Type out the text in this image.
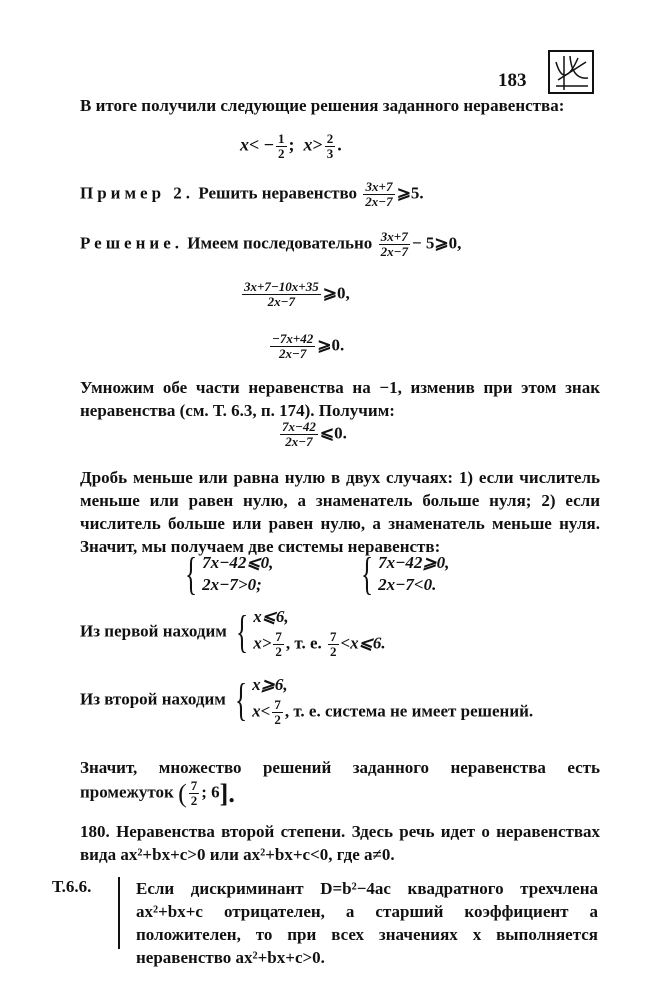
183
В итоге получили следующие решения заданного неравенства:
$x< - \frac{1}{2}$ ; $x> \frac{2}{3}$ .
Пример 2. Решить неравенство $\frac{3x+7}{2x-7}$ ⩾5.
Решение. Имеем последовательно $\frac{3x+7}{2x-7}$ − 5⩾0,
$\frac{3x+7-10x+35}{2x-7}$ ⩾0,
$\frac{-7x+42}{2x-7}$ ⩾0.
Умножим обе части неравенства на −1, изменив при этом знак неравенства (см. Т. 6.3, п. 174). Получим:
$\frac{7x-42}{2x-7}$ ⩽0.
Дробь меньше или равна нулю в двух случаях: 1) если числитель меньше или равен нулю, а знаменатель больше нуля; 2) если числитель больше или равен нулю, а знаменатель меньше нуля. Значит, мы получаем две системы неравенств:
{ 7x−42⩽0,
2x−7>0; { 7x−42⩾0,
2x−7<0.
Из первой находим { x⩽6,
$x> \frac{7}{2}$ , т. е. $\frac{7}{2}$ <x⩽6.
Из второй находим { x⩾6,
$x< \frac{7}{2}$ , т. е. система не имеет решений.
Значит, множество решений заданного неравенства есть промежуток ( $\frac{7}{2}$ ; 6].
180. Неравенства второй степени. Здесь речь идет о неравенствах вида ax²+bx+c>0 или ax²+bx+c<0, где a≠0.
Т.6.6.	Если дискриминант D=b²−4ac квадратного трехчлена ax²+bx+c отрицателен, а старший коэффициент a положителен, то при всех значениях x выполняется неравенство ax²+bx+c>0.
